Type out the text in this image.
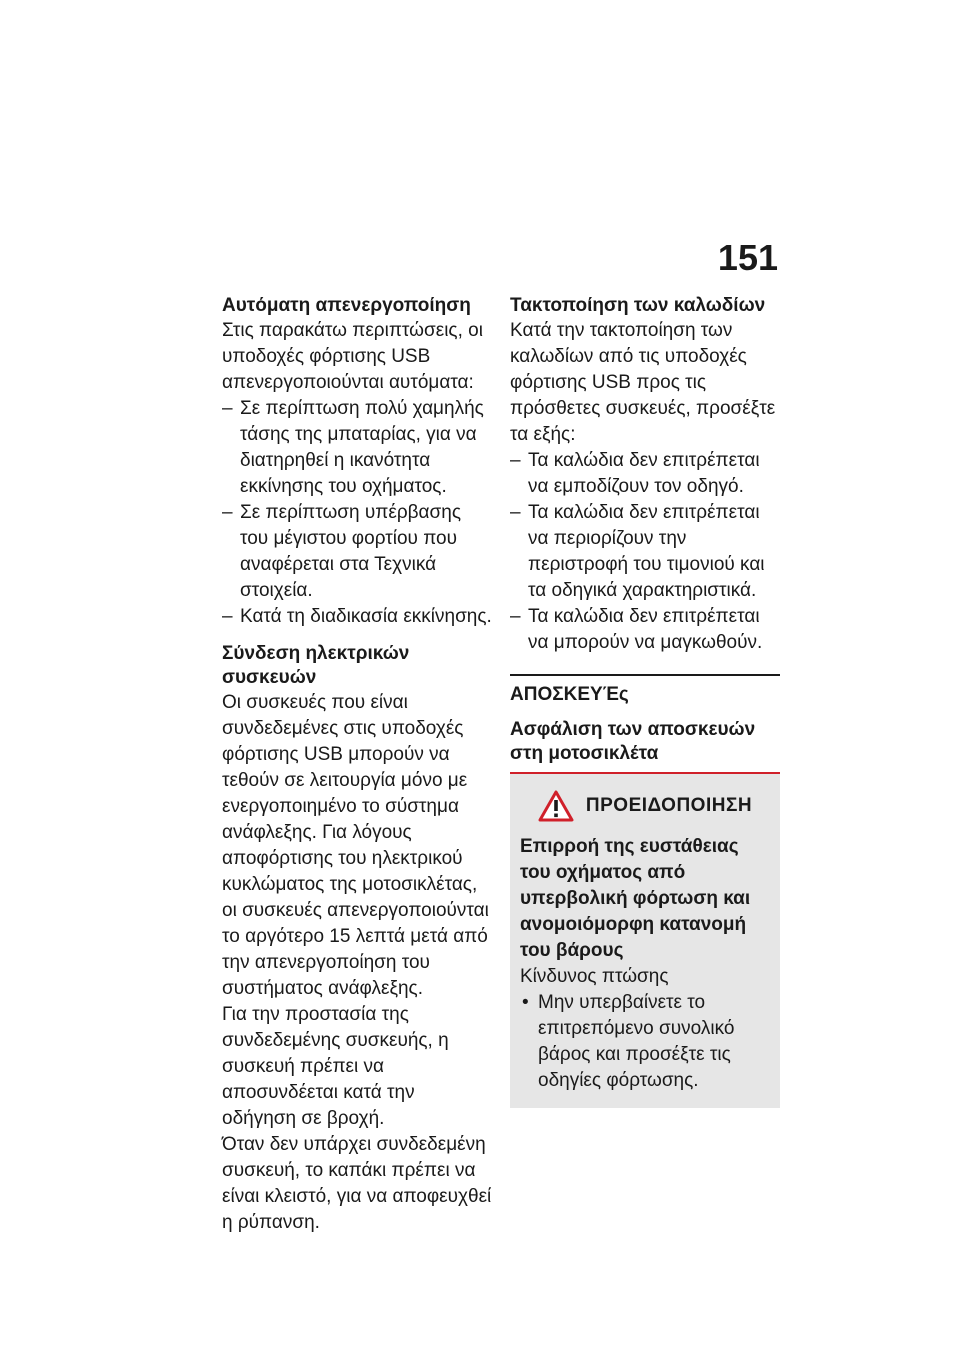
151

Αυτόματη απενεργοποίηση

Στις παρακάτω περιπτώσεις, οι υποδοχές φόρτισης USB απενεργοποιούνται αυτόματα:

– Σε περίπτωση πολύ χαμηλής τάσης της μπαταρίας, για να διατηρηθεί η ικανότητα εκκίνησης του οχήματος.
– Σε περίπτωση υπέρβασης του μέγιστου φορτίου που αναφέρεται στα Τεχνικά στοιχεία.
– Κατά τη διαδικασία εκκίνησης.

Σύνδεση ηλεκτρικών συσκευών

Οι συσκευές που είναι συνδεδεμένες στις υποδοχές φόρτισης USB μπορούν να τεθούν σε λειτουργία μόνο με ενεργοποιημένο το σύστημα ανάφλεξης. Για λόγους αποφόρτισης του ηλεκτρικού κυκλώματος της μοτοσικλέτας, οι συσκευές απενεργοποιούνται το αργότερο 15 λεπτά μετά από την απενεργοποίηση του συστήματος ανάφλεξης.

Για την προστασία της συνδεδεμένης συσκευής, η συσκευή πρέπει να αποσυνδέεται κατά την οδήγηση σε βροχή.

Όταν δεν υπάρχει συνδεδεμένη συσκευή, το καπάκι πρέπει να είναι κλειστό, για να αποφευχθεί η ρύπανση.

Τακτοποίηση των καλωδίων

Κατά την τακτοποίηση των καλωδίων από τις υποδοχές φόρτισης USB προς τις πρόσθετες συσκευές, προσέξτε τα εξής:

– Τα καλώδια δεν επιτρέπεται να εμποδίζουν τον οδηγό.
– Τα καλώδια δεν επιτρέπεται να περιορίζουν την περιστροφή του τιμονιού και τα οδηγικά χαρακτηριστικά.
– Τα καλώδια δεν επιτρέπεται να μπορούν να μαγκωθούν.

ΑΠΟΣΚΕΥΈς

Ασφάλιση των αποσκευών στη μοτοσικλέτα

ΠΡΟΕΙΔΟΠΟΙΗΣΗ

Επιρροή της ευστάθειας του οχήματος από υπερβολική φόρτωση και ανομοιόμορφη κατανομή του βάρους

Κίνδυνος πτώσης

• Μην υπερβαίνετε το επιτρεπόμενο συνολικό βάρος και προσέξτε τις οδηγίες φόρτωσης.
